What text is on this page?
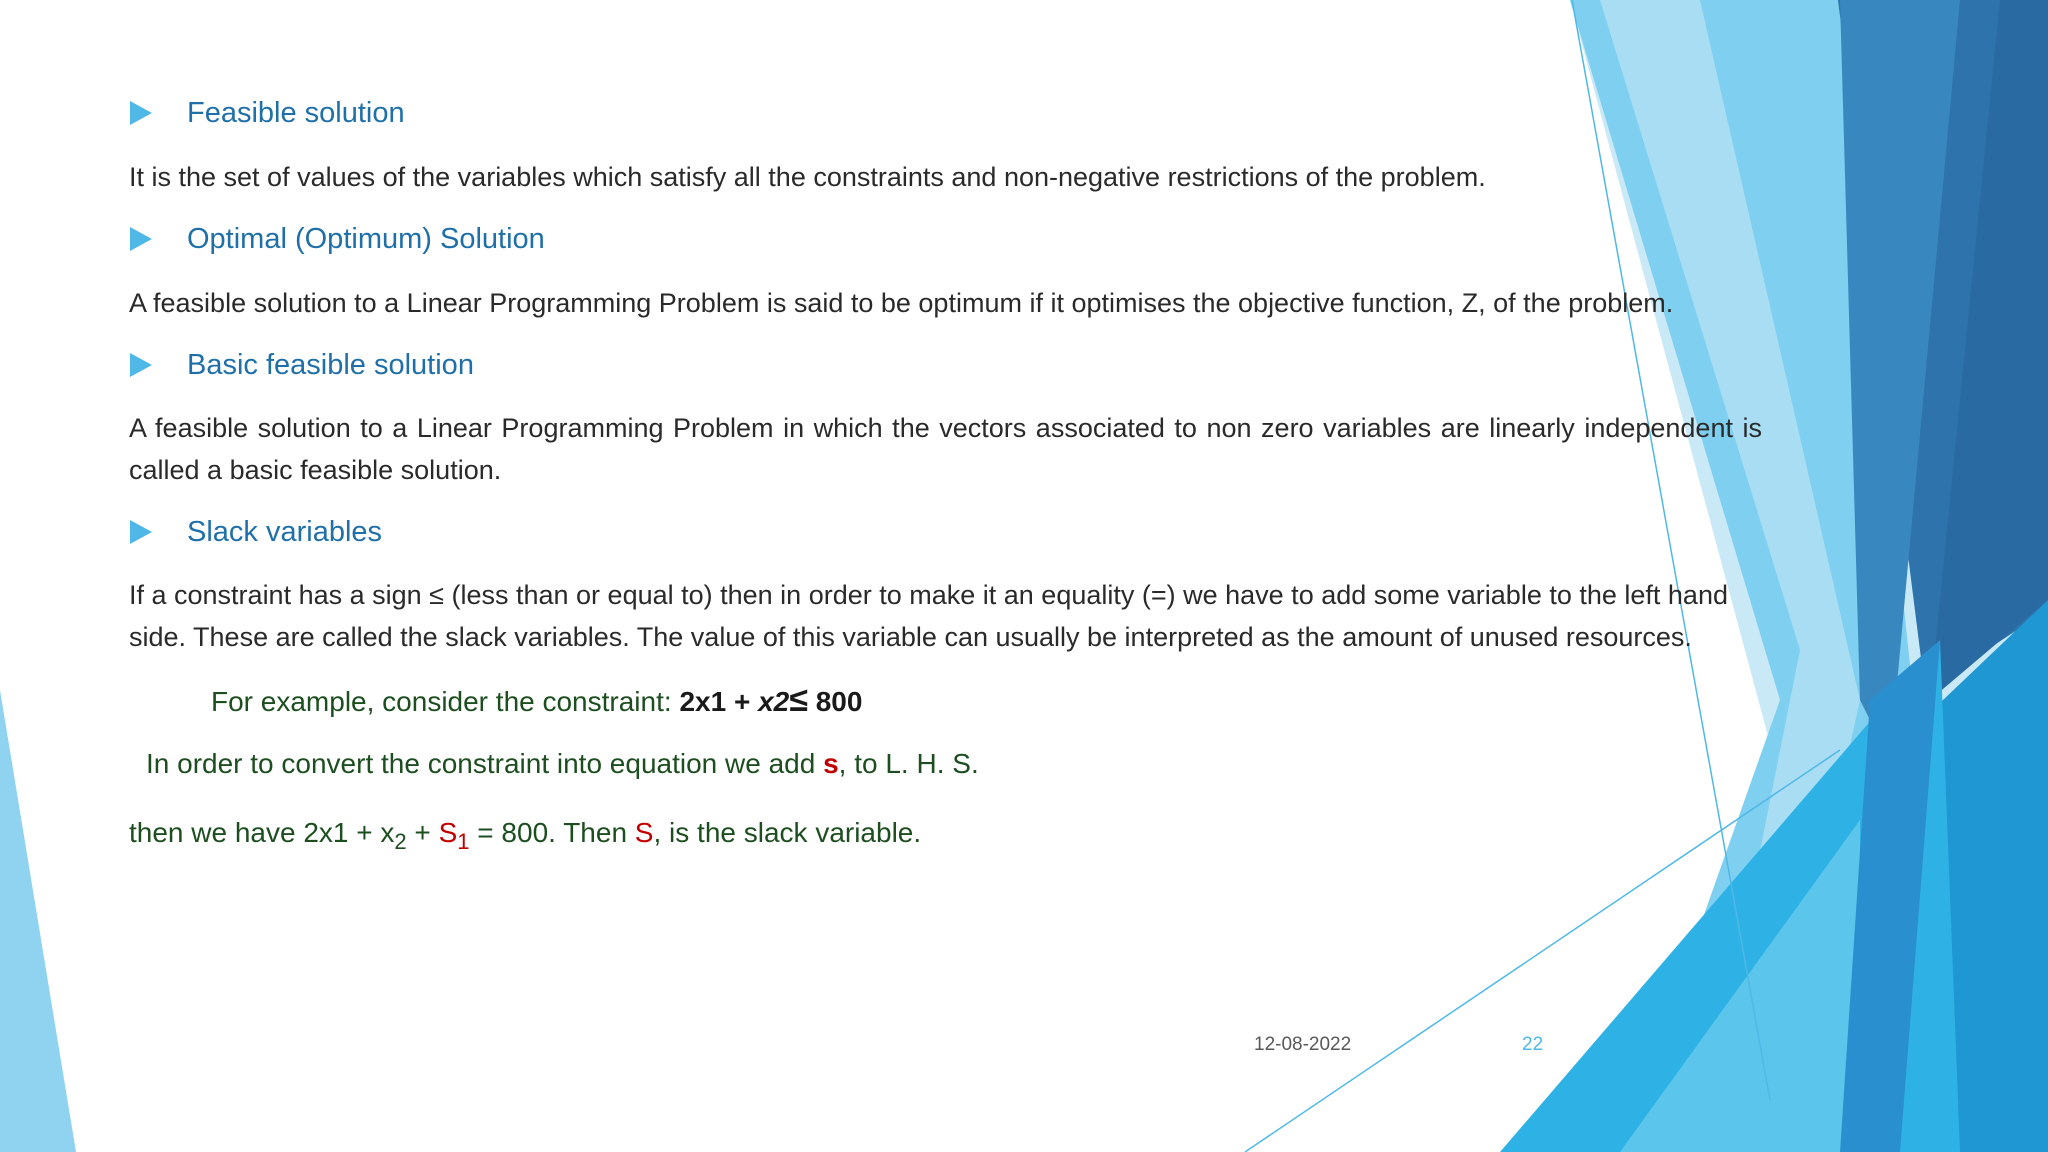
Feasible solution
It is the set of values of the variables which satisfy all the constraints and non-negative restrictions of the problem.
Optimal (Optimum) Solution
A feasible solution to a Linear Programming Problem is said to be optimum if it optimises the objective function, Z, of the problem.
Basic feasible solution
A feasible solution to a Linear Programming Problem in which the vectors associated to non zero variables are linearly independent is called a basic feasible solution.
Slack variables
If a constraint has a sign ≤ (less than or equal to) then in order to make it an equality (=) we have to add some variable to the left hand side. These are called the slack variables. The value of this variable can usually be interpreted as the amount of unused resources.
For example, consider the constraint: 2x1 + x2≤ 800
In order to convert the constraint into equation we add s, to L. H. S.
then we have $2x1 + x_2 + S_1 = 800$. Then S, is the slack variable.
12-08-2022	22
